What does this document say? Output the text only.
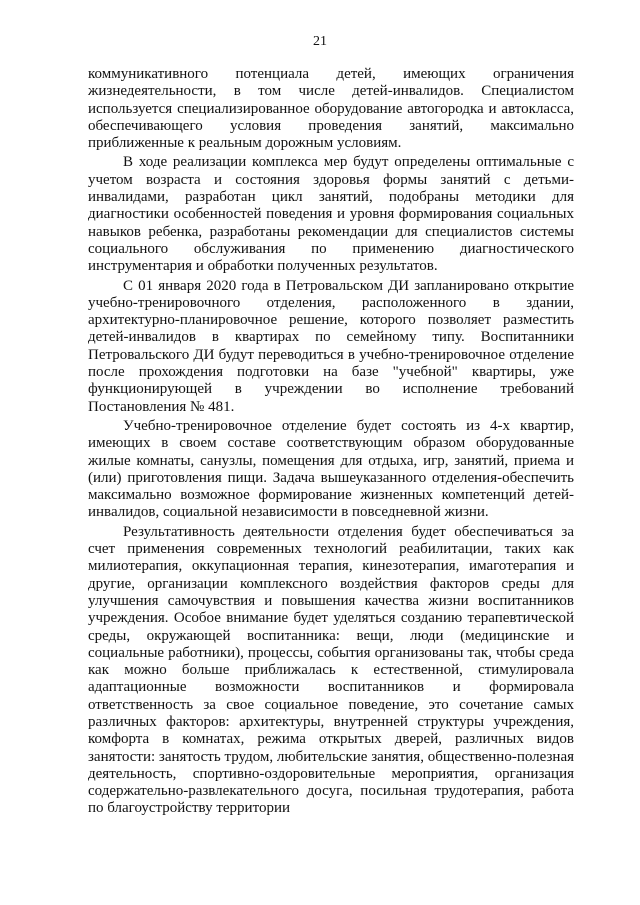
21

коммуникативного потенциала детей, имеющих ограничения жизнедеятельности, в том числе детей-инвалидов. Специалистом используется специализированное оборудование автогородка и автокласса, обеспечивающего условия проведения занятий, максимально приближенные к реальным дорожным условиям.

В ходе реализации комплекса мер будут определены оптимальные с учетом возраста и состояния здоровья формы занятий с детьми-инвалидами, разработан цикл занятий, подобраны методики для диагностики особенностей поведения и уровня формирования социальных навыков ребенка, разработаны рекомендации для специалистов системы социального обслуживания по применению диагностического инструментария и обработки полученных результатов.

С 01 января 2020 года в Петровальском ДИ запланировано открытие учебно-тренировочного отделения, расположенного в здании, архитектурно-планировочное решение, которого позволяет разместить детей-инвалидов в квартирах по семейному типу. Воспитанники Петровальского ДИ будут переводиться в учебно-тренировочное отделение после прохождения подготовки на базе "учебной" квартиры, уже функционирующей в учреждении во исполнение требований Постановления № 481.

Учебно-тренировочное отделение будет состоять из 4-х квартир, имеющих в своем составе соответствующим образом оборудованные жилые комнаты, санузлы, помещения для отдыха, игр, занятий, приема и (или) приготовления пищи. Задача вышеуказанного отделения-обеспечить максимально возможное формирование жизненных компетенций детей-инвалидов, социальной независимости в повседневной жизни.

Результативность деятельности отделения будет обеспечиваться за счет применения современных технологий реабилитации, таких как милиотерапия, оккупационная терапия, кинезотерапия, имаготерапия и другие, организации комплексного воздействия факторов среды для улучшения самочувствия и повышения качества жизни воспитанников учреждения. Особое внимание будет уделяться созданию терапевтической среды, окружающей воспитанника: вещи, люди (медицинские и социальные работники), процессы, события организованы так, чтобы среда как можно больше приближалась к естественной, стимулировала адаптационные возможности воспитанников и формировала ответственность за свое социальное поведение, это сочетание самых различных факторов: архитектуры, внутренней структуры учреждения, комфорта в комнатах, режима открытых дверей, различных видов занятости: занятость трудом, любительские занятия, общественно-полезная деятельность, спортивно-оздоровительные мероприятия, организация содержательно-развлекательного досуга, посильная трудотерапия, работа по благоустройству территории
